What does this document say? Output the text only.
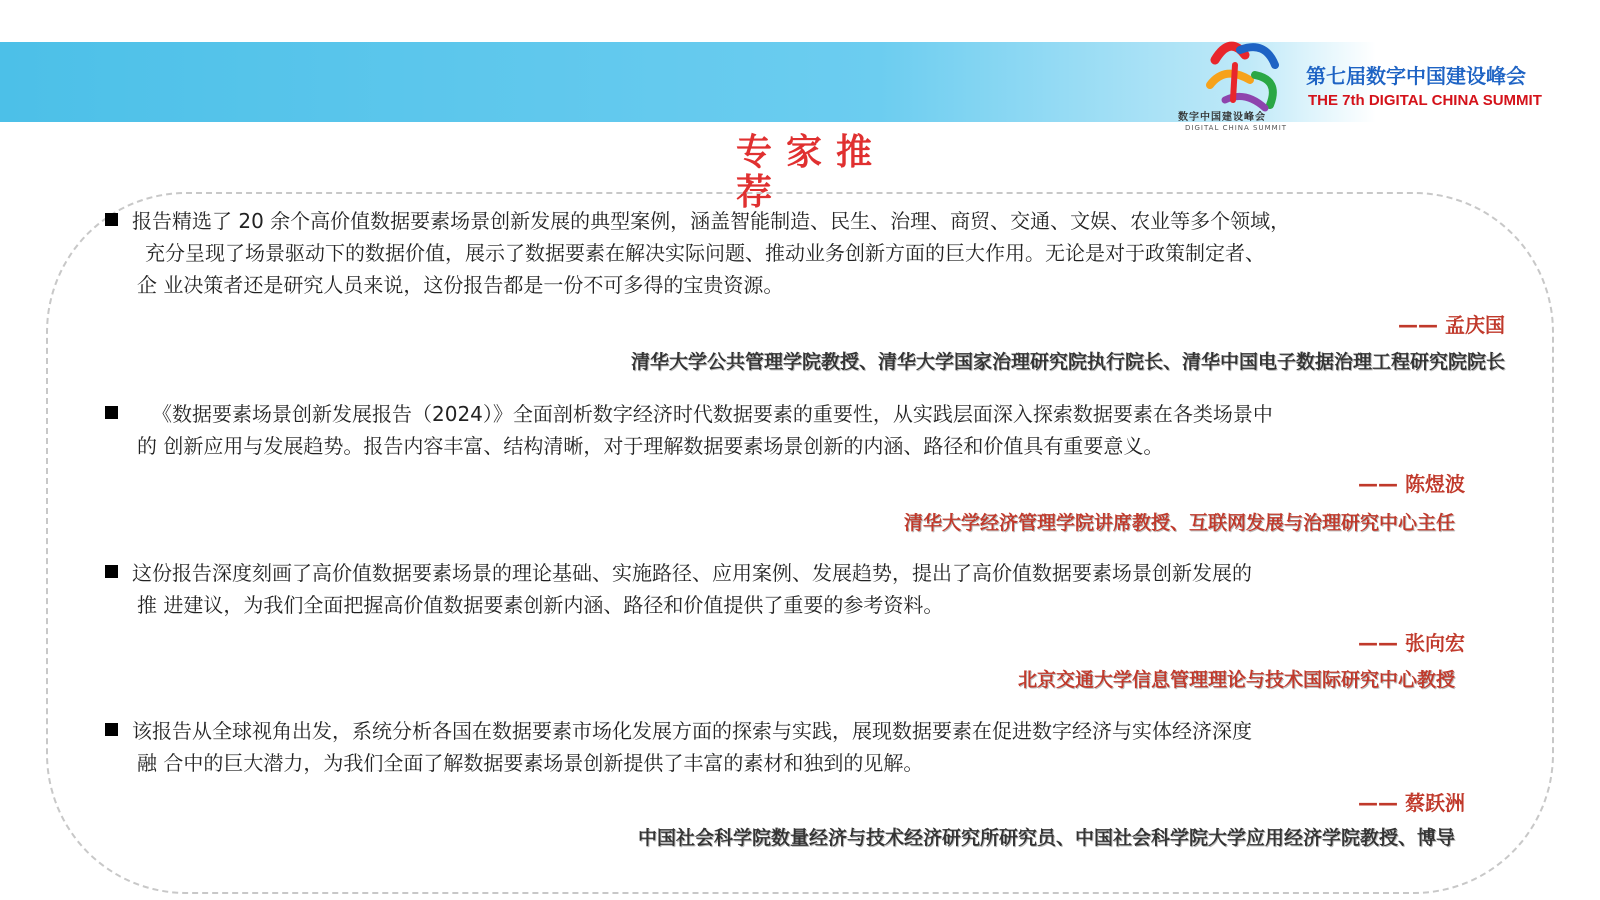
数字中国建设峰会
DIGITAL CHINA SUMMIT
第七届数字中国建设峰会
THE 7th DIGITAL CHINA SUMMIT
专家推荐

报告精选了 20 余个高价值数据要素场景创新发展的典型案例，涵盖智能制造、民生、治理、商贸、交通、文娱、农业等多个领域，
充分呈现了场景驱动下的数据价值，展示了数据要素在解决实际问题、推动业务创新方面的巨大作用。无论是对于政策制定者、
企 业决策者还是研究人员来说，这份报告都是一份不可多得的宝贵资源。

—— 孟庆国
清华大学公共管理学院教授、清华大学国家治理研究院执行院长、清华中国电子数据治理工程研究院院长

《数据要素场景创新发展报告（2024）》全面剖析数字经济时代数据要素的重要性，从实践层面深入探索数据要素在各类场景中
的 创新应用与发展趋势。报告内容丰富、结构清晰，对于理解数据要素场景创新的内涵、路径和价值具有重要意义。

—— 陈煜波
清华大学经济管理学院讲席教授、互联网发展与治理研究中心主任

这份报告深度刻画了高价值数据要素场景的理论基础、实施路径、应用案例、发展趋势，提出了高价值数据要素场景创新发展的
推 进建议，为我们全面把握高价值数据要素创新内涵、路径和价值提供了重要的参考资料。

—— 张向宏
北京交通大学信息管理理论与技术国际研究中心教授

该报告从全球视角出发，系统分析各国在数据要素市场化发展方面的探索与实践，展现数据要素在促进数字经济与实体经济深度
融 合中的巨大潜力，为我们全面了解数据要素场景创新提供了丰富的素材和独到的见解。

—— 蔡跃洲
中国社会科学院数量经济与技术经济研究所研究员、中国社会科学院大学应用经济学院教授、博导
